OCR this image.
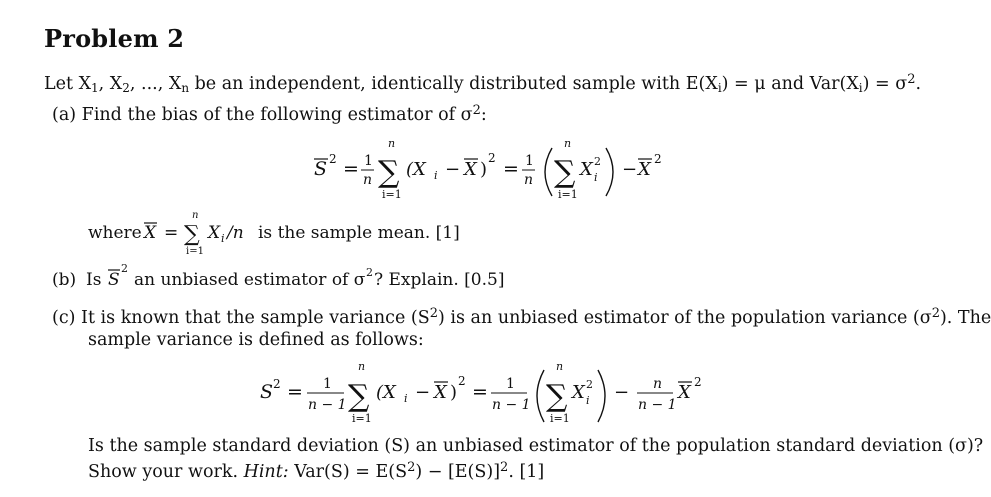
Problem 2
Let $X_1$, $X_2$, ..., $X_n$ be an independent, identically distributed sample with $E(X_i) = \mu$ and $Var(X_i) = \sigma^2$.
(a) Find the bias of the following estimator of $\sigma^2$:
S 2 = 1
n
n
∑
i=1
(X i − X )
2 = 1
n
n
∑
i=1
X 2
i − X 2
where X =
n
∑
i=1
X i /n is the sample mean. [1]
(b) Is S
2
an unbiased estimator of σ 2 ? Explain. [0.5]
(c) It is known that the sample variance $(S^2)$ is an unbiased estimator of the population variance $(\sigma^2)$. The
sample variance is defined as follows:
S 2 = 1
n − 1
n
∑
i=1
(X i − X )
2 = 1
n − 1
n
∑
i=1
X 2
i − n
n − 1
X 2
Is the sample standard deviation (S) an unbiased estimator of the population standard deviation (σ)?
Show your work. Hint: $Var(S) = E(S^2) - [E(S)]^2$. [1]
